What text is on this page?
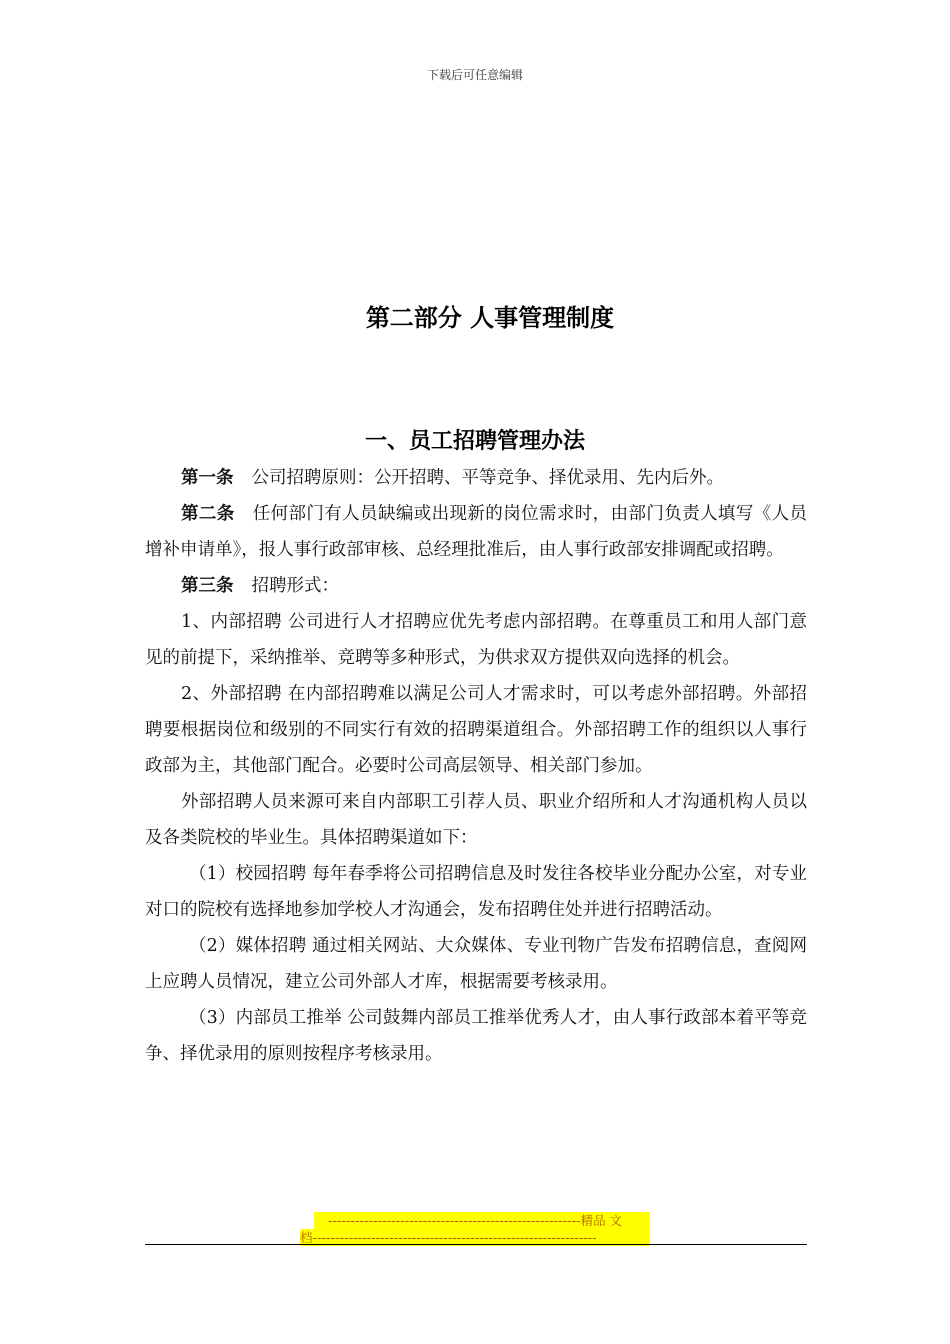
下载后可任意编辑
第二部分 人事管理制度
一、员工招聘管理办法

第一条 公司招聘原则：公开招聘、平等竞争、择优录用、先内后外。

第二条 任何部门有人员缺编或出现新的岗位需求时，由部门负责人填写《人员增补申请单》，报人事行政部审核、总经理批准后，由人事行政部安排调配或招聘。

第三条 招聘形式：

1、内部招聘 公司进行人才招聘应优先考虑内部招聘。在尊重员工和用人部门意见的前提下，采纳推举、竞聘等多种形式，为供求双方提供双向选择的机会。

2、外部招聘 在内部招聘难以满足公司人才需求时，可以考虑外部招聘。外部招聘要根据岗位和级别的不同实行有效的招聘渠道组合。外部招聘工作的组织以人事行政部为主，其他部门配合。必要时公司高层领导、相关部门参加。

外部招聘人员来源可来自内部职工引荐人员、职业介绍所和人才沟通机构人员以及各类院校的毕业生。具体招聘渠道如下：

（1）校园招聘 每年春季将公司招聘信息及时发往各校毕业分配办公室，对专业对口的院校有选择地参加学校人才沟通会，发布招聘住处并进行招聘活动。

（2）媒体招聘 通过相关网站、大众媒体、专业刊物广告发布招聘信息，查阅网上应聘人员情况，建立公司外部人才库，根据需要考核录用。

（3）内部员工推举 公司鼓舞内部员工推举优秀人才，由人事行政部本着平等竞争、择优录用的原则按程序考核录用。

--------------------------------------------------------精品 文
档---------------------------------------------------------------
